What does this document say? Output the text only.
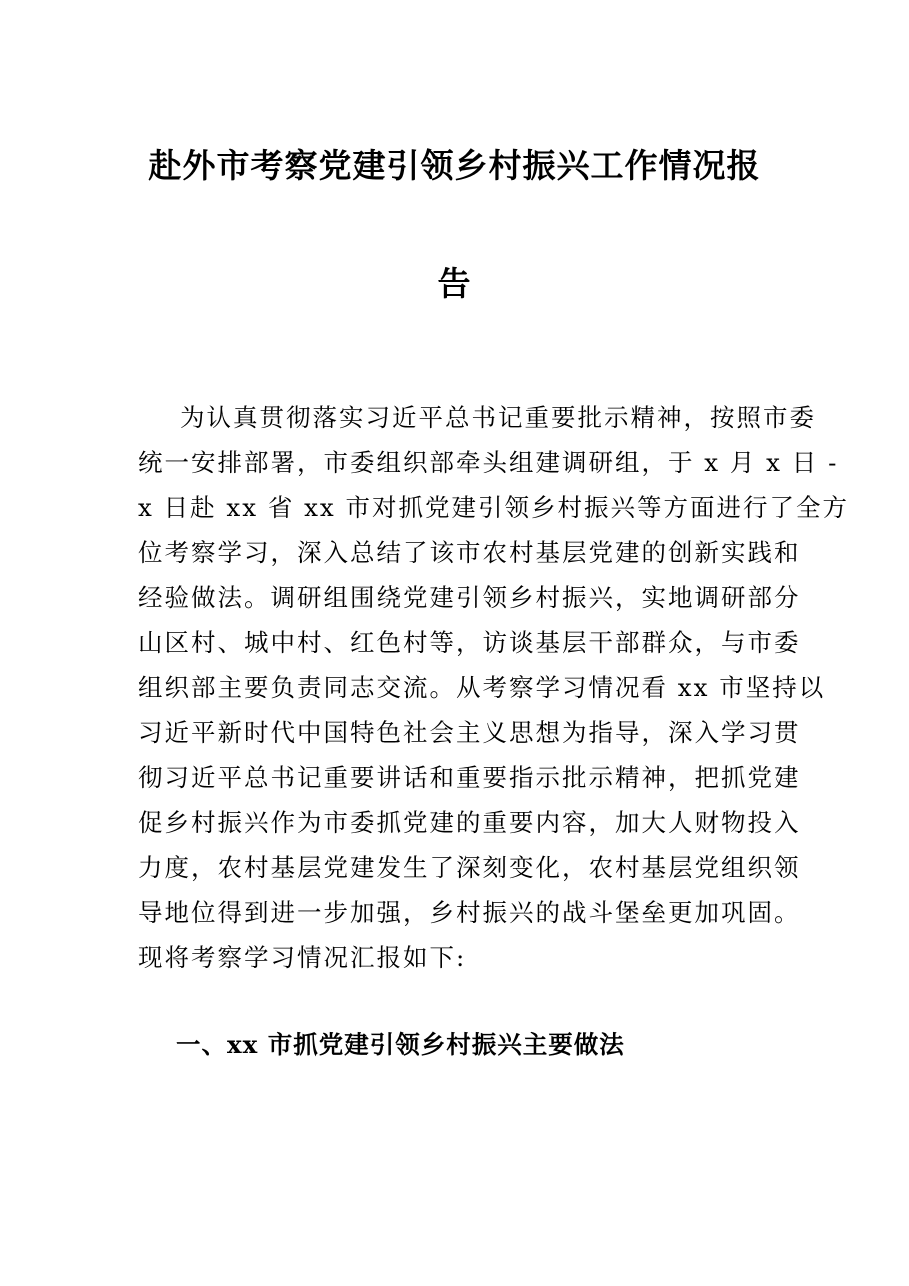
赴外市考察党建引领乡村振兴工作情况报
告
为认真贯彻落实习近平总书记重要批示精神，按照市委
统一安排部署，市委组织部牵头组建调研组，于 x 月 x 日 -
x 日赴 xx 省 xx 市对抓党建引领乡村振兴等方面进行了全方
位考察学习，深入总结了该市农村基层党建的创新实践和
经验做法。调研组围绕党建引领乡村振兴，实地调研部分
山区村、城中村、红色村等，访谈基层干部群众，与市委
组织部主要负责同志交流。从考察学习情况看 xx 市坚持以
习近平新时代中国特色社会主义思想为指导，深入学习贯
彻习近平总书记重要讲话和重要指示批示精神，把抓党建
促乡村振兴作为市委抓党建的重要内容，加大人财物投入
力度，农村基层党建发生了深刻变化，农村基层党组织领
导地位得到进一步加强，乡村振兴的战斗堡垒更加巩固。
现将考察学习情况汇报如下:
一、xx 市抓党建引领乡村振兴主要做法
